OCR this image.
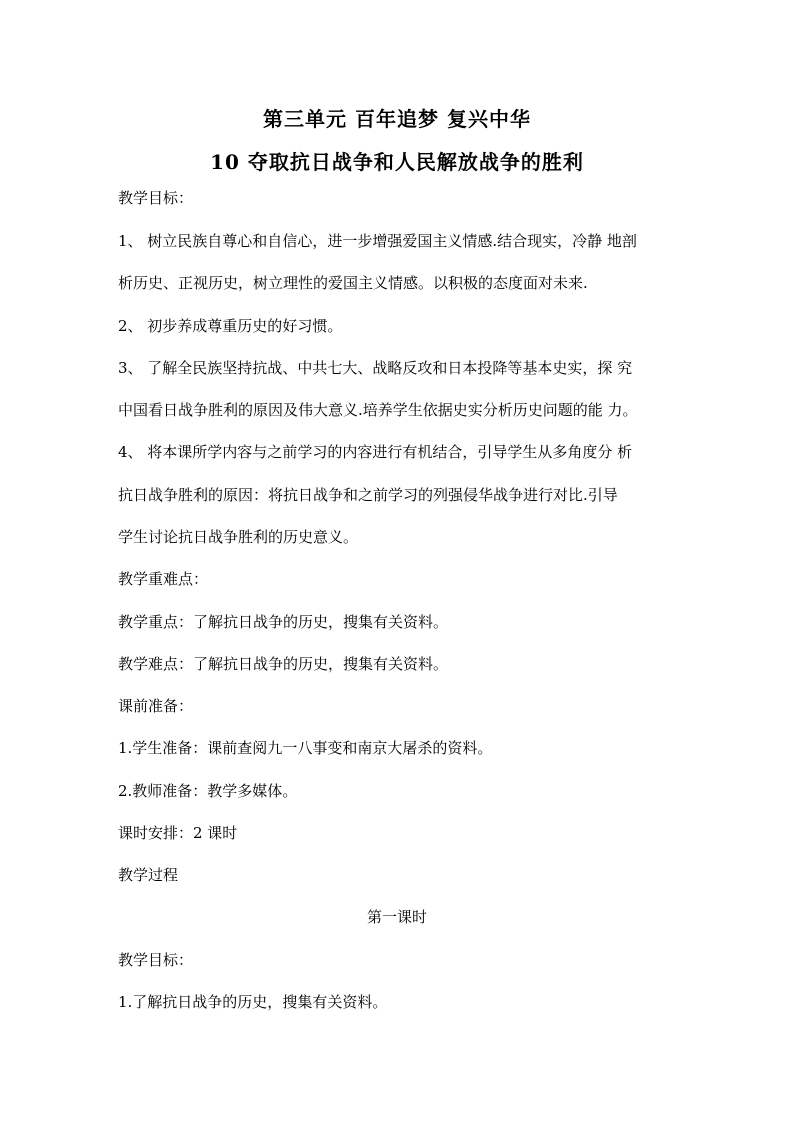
第三单元 百年追梦 复兴中华
10 夺取抗日战争和人民解放战争的胜利
教学目标：
1、 树立民族自尊心和自信心，进一步增强爱国主义情感.结合现实，冷静 地剖
析历史、正视历史，树立理性的爱国主义情感。以积极的态度面对未来.
2、 初步养成尊重历史的好习惯。
3、 了解全民族坚持抗战、中共七大、战略反攻和日本投降等基本史实，探 究
中国看日战争胜利的原因及伟大意义.培养学生依据史实分析历史问题的能 力。
4、 将本课所学内容与之前学习的内容进行有机结合，引导学生从多角度分 析
抗日战争胜利的原因：将抗日战争和之前学习的列强侵华战争进行对比.引导
学生讨论抗日战争胜利的历史意义。
教学重难点：
教学重点：了解抗日战争的历史，搜集有关资料。
教学难点：了解抗日战争的历史，搜集有关资料。
课前准备：
1.学生准备：课前查阅九一八事变和南京大屠杀的资料。
2.教师准备：教学多媒体。
课时安排：2 课时
教学过程
第一课时
教学目标：
1.了解抗日战争的历史，搜集有关资料。
